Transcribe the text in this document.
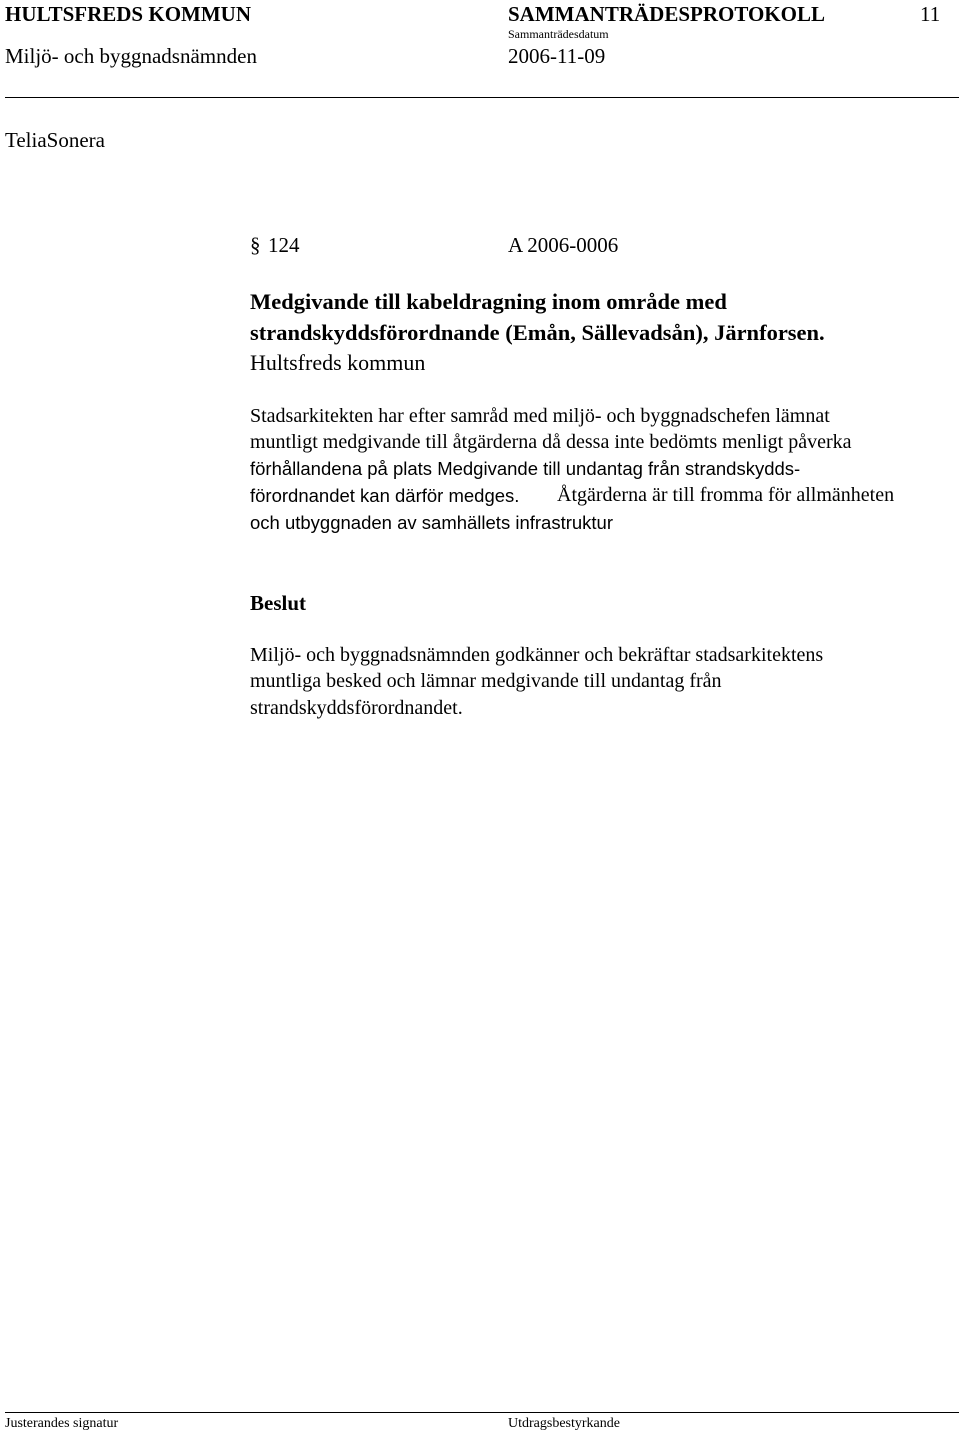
HULTSFREDS KOMMUN	SAMMANTRÄDESPROTOKOLL	11
Sammanträdesdatum
Miljö- och byggnadsnämnden	2006-11-09
TeliaSonera
§ 124	A 2006-0006
Medgivande till kabeldragning inom område med
strandskyddsförordnande (Emån, Sällevadsån), Järnforsen.
Hultsfreds kommun
Stadsarkitekten har efter samråd med miljö- och byggnadschefen lämnat
muntligt medgivande till åtgärderna då dessa inte bedömts menligt påverka
förhållandena på plats Medgivande till undantag från strandskydds-
förordnandet kan därför medges. Åtgärderna är till fromma för allmänheten
och utbyggnaden av samhällets infrastruktur
Beslut
Miljö- och byggnadsnämnden godkänner och bekräftar stadsarkitektens
muntliga besked och lämnar medgivande till undantag från
strandskyddsförordnandet.
Justerandes signatur	Utdragsbestyrkande
